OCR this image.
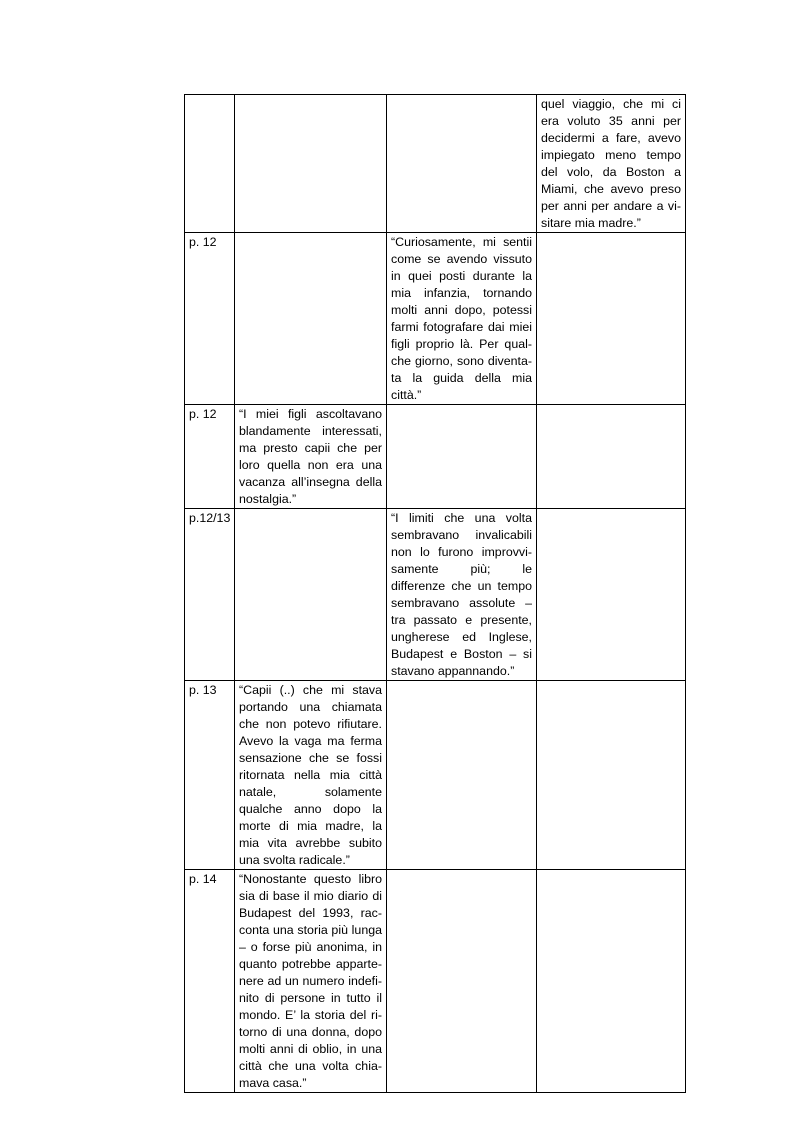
			quel viaggio, che mi ci era voluto 35 anni per decidermi a fare, avevo impiegato meno tempo del volo, da Boston a Miami, che avevo preso per anni per andare a visitare mia madre.”
p. 12		“Curiosamente, mi sentii come se avendo vissuto in quei posti durante la mia infanzia, tornando molti anni dopo, potessi farmi fotografare dai miei figli proprio là. Per qualche giorno, sono diventata la guida della mia città.”	
p. 12	“I miei figli ascoltavano blandamente interessati, ma presto capii che per loro quella non era una vacanza all’insegna della nostalgia.”		
p.12/13		“I limiti che una volta sembravano invalicabili non lo furono improvvisamente più; le differenze che un tempo sembravano assolute – tra passato e presente, ungherese ed Inglese, Budapest e Boston – si stavano appannando.”	
p. 13	“Capii (..) che mi stava portando una chiamata che non potevo rifiutare. Avevo la vaga ma ferma sensazione che se fossi ritornata nella mia città natale, solamente qualche anno dopo la morte di mia madre, la mia vita avrebbe subito una svolta radicale.”		
p. 14	“Nonostante questo libro sia di base il mio diario di Budapest del 1993, racconta una storia più lunga – o forse più anonima, in quanto potrebbe appartenere ad un numero indefinito di persone in tutto il mondo. E’ la storia del ritorno di una donna, dopo molti anni di oblio, in una città che una volta chiamava casa.”		
